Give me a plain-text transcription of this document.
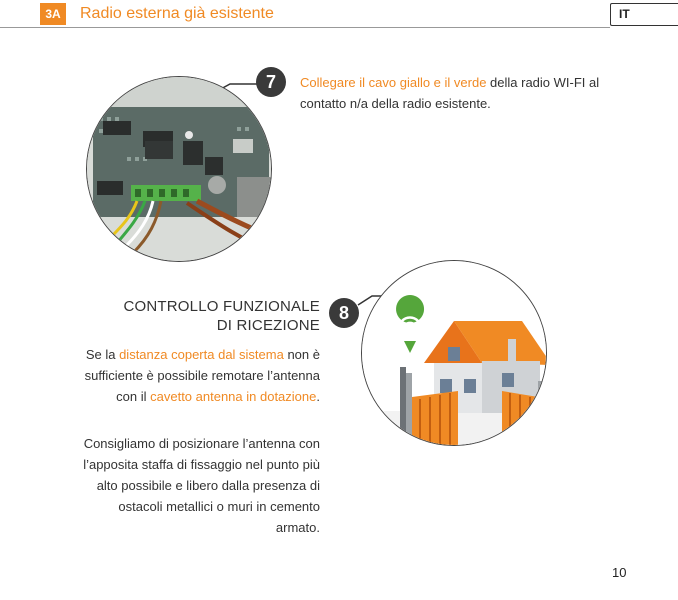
3A	Radio esterna già esistente	IT
7	Collegare il cavo giallo e il verde della radio WI-FI al contatto n/a della radio esistente.
CONTROLLO FUNZIONALE
DI RICEZIONE
8
Se la distanza coperta dal sistema non è sufficiente è possibile remotare l’antenna con il cavetto antenna in dotazione.
Consigliamo di posizionare l’antenna con l’apposita staffa di fissaggio nel punto più alto possibile e libero dalla presenza di ostacoli metallici o muri in cemento armato.
10
